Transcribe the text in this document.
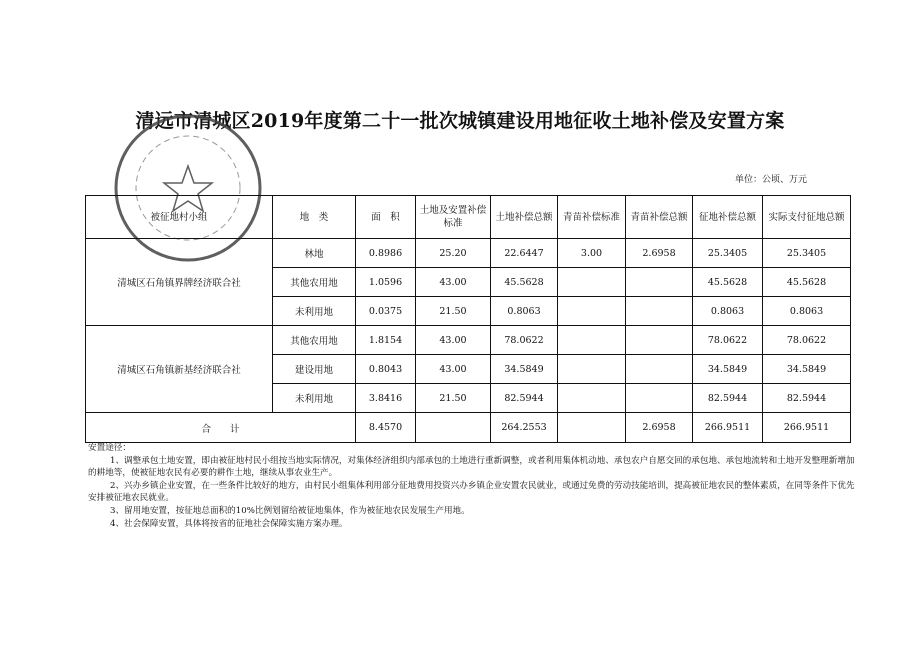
清远市清城区2019年度第二十一批次城镇建设用地征收土地补偿及安置方案
单位：公顷、万元
被征地村小组	地　类	面　积	土地及安置补偿标准	土地补偿总额	青苗补偿标准	青苗补偿总额	征地补偿总额	实际支付征地总额
清城区石角镇界牌经济联合社	林地	0.8986	25.20	22.6447	3.00	2.6958	25.3405	25.3405
	其他农用地	1.0596	43.00	45.5628			45.5628	45.5628
	未利用地	0.0375	21.50	0.8063			0.8063	0.8063
清城区石角镇新基经济联合社	其他农用地	1.8154	43.00	78.0622			78.0622	78.0622
	建设用地	0.8043	43.00	34.5849			34.5849	34.5849
	未利用地	3.8416	21.50	82.5944			82.5944	82.5944
合　　计		8.4570		264.2553		2.6958	266.9511	266.9511

安置途径：

1、调整承包土地安置，即由被征地村民小组按当地实际情况，对集体经济组织内部承包的土地进行重新调整，或者利用集体机动地、承包农户自愿交回的承包地、承包地流转和土地开发整理新增加的耕地等，使被征地农民有必要的耕作土地，继续从事农业生产。

2、兴办乡镇企业安置，在一些条件比较好的地方，由村民小组集体利用部分征地费用投资兴办乡镇企业安置农民就业，或通过免费的劳动技能培训，提高被征地农民的整体素质，在同等条件下优先安排被征地农民就业。

3、留用地安置，按征地总面积的10%比例划留给被征地集体，作为被征地农民发展生产用地。

4、社会保障安置，具体将按省的征地社会保障实施方案办理。
